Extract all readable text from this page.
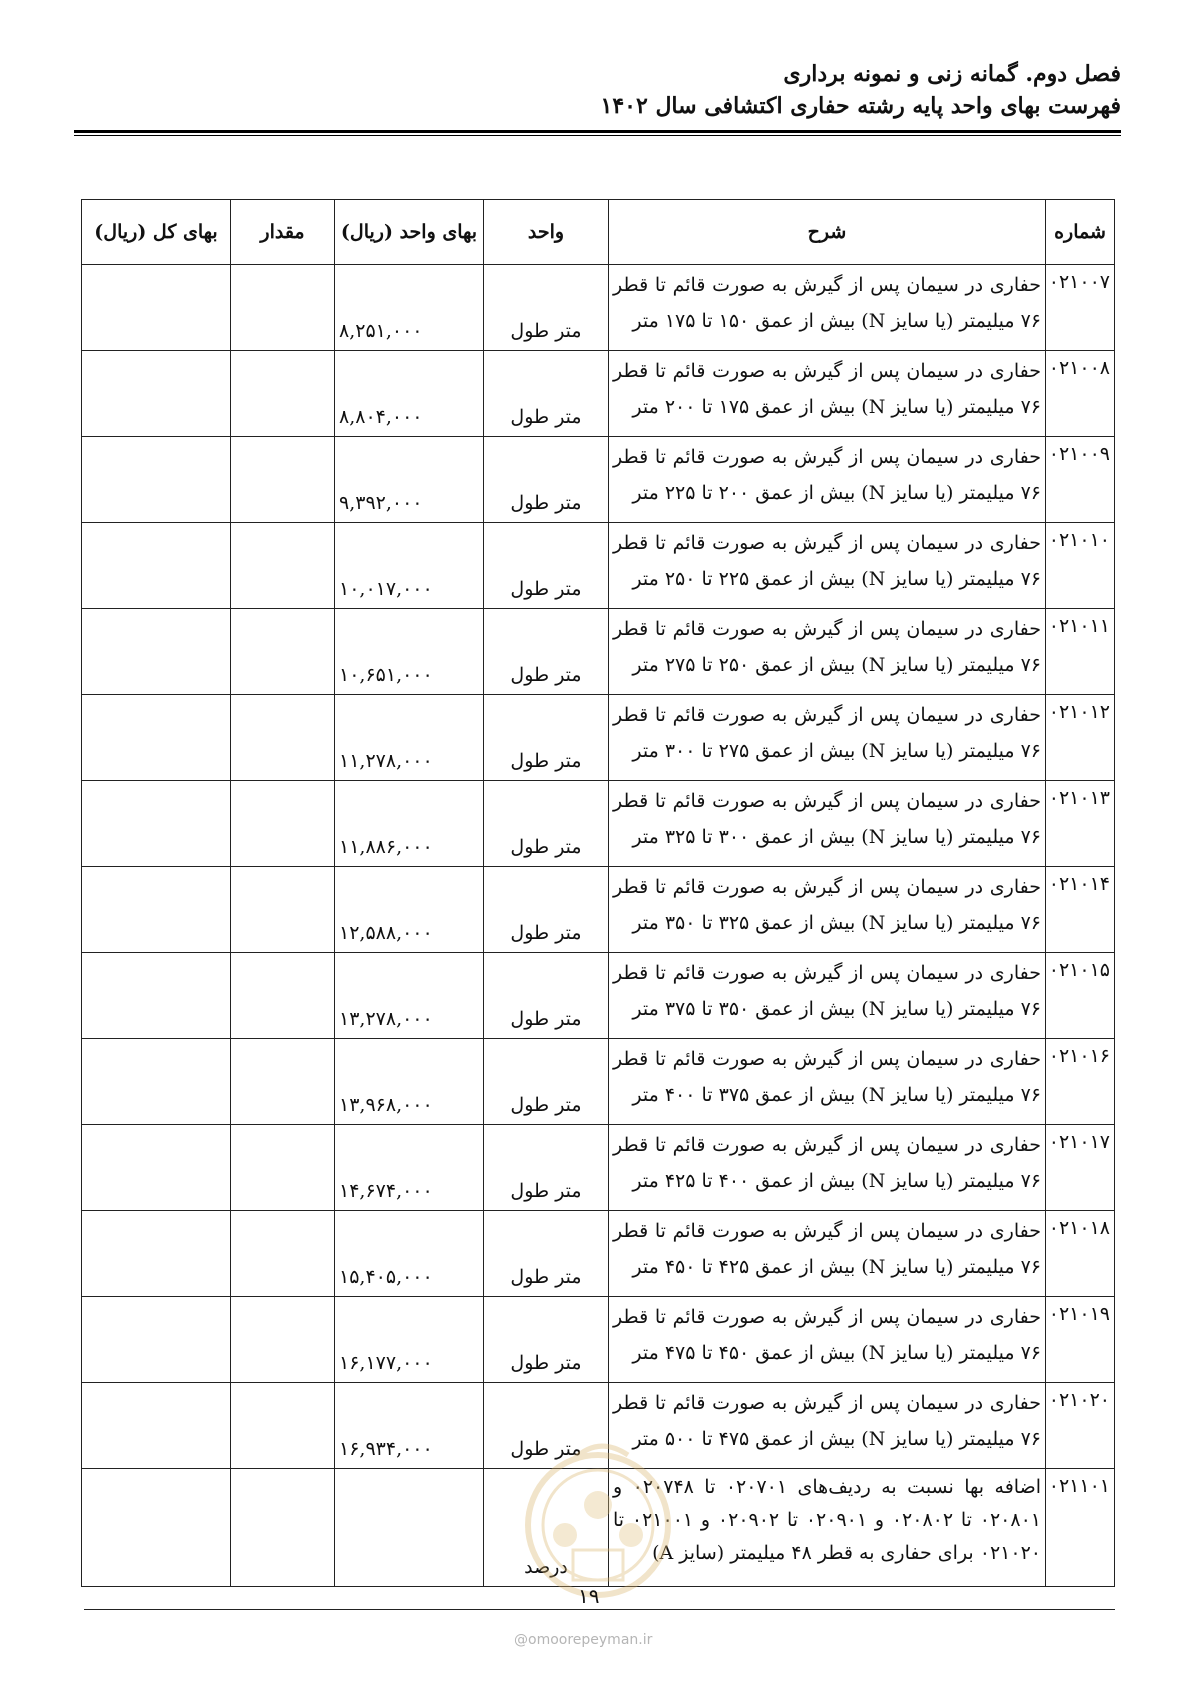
فصل دوم. گمانه زنی و نمونه برداری
فهرست بهای واحد پایه رشته حفاری اکتشافی سال ۱۴۰۲
شماره	شرح	واحد	بهای واحد (ریال)	مقدار	بهای کل (ریال)
۰۲۱۰۰۷	حفاری در سیمان پس از گیرش به صورت قائم تا قطر ۷۶ میلیمتر (یا سایز N) بیش از عمق ۱۵۰ تا ۱۷۵ متر	متر طول	۸,۲۵۱,۰۰۰		
۰۲۱۰۰۸	حفاری در سیمان پس از گیرش به صورت قائم تا قطر ۷۶ میلیمتر (یا سایز N) بیش از عمق ۱۷۵ تا ۲۰۰ متر	متر طول	۸,۸۰۴,۰۰۰		
۰۲۱۰۰۹	حفاری در سیمان پس از گیرش به صورت قائم تا قطر ۷۶ میلیمتر (یا سایز N) بیش از عمق ۲۰۰ تا ۲۲۵ متر	متر طول	۹,۳۹۲,۰۰۰		
۰۲۱۰۱۰	حفاری در سیمان پس از گیرش به صورت قائم تا قطر ۷۶ میلیمتر (یا سایز N) بیش از عمق ۲۲۵ تا ۲۵۰ متر	متر طول	۱۰,۰۱۷,۰۰۰		
۰۲۱۰۱۱	حفاری در سیمان پس از گیرش به صورت قائم تا قطر ۷۶ میلیمتر (یا سایز N) بیش از عمق ۲۵۰ تا ۲۷۵ متر	متر طول	۱۰,۶۵۱,۰۰۰		
۰۲۱۰۱۲	حفاری در سیمان پس از گیرش به صورت قائم تا قطر ۷۶ میلیمتر (یا سایز N) بیش از عمق ۲۷۵ تا ۳۰۰ متر	متر طول	۱۱,۲۷۸,۰۰۰		
۰۲۱۰۱۳	حفاری در سیمان پس از گیرش به صورت قائم تا قطر ۷۶ میلیمتر (یا سایز N) بیش از عمق ۳۰۰ تا ۳۲۵ متر	متر طول	۱۱,۸۸۶,۰۰۰		
۰۲۱۰۱۴	حفاری در سیمان پس از گیرش به صورت قائم تا قطر ۷۶ میلیمتر (یا سایز N) بیش از عمق ۳۲۵ تا ۳۵۰ متر	متر طول	۱۲,۵۸۸,۰۰۰		
۰۲۱۰۱۵	حفاری در سیمان پس از گیرش به صورت قائم تا قطر ۷۶ میلیمتر (یا سایز N) بیش از عمق ۳۵۰ تا ۳۷۵ متر	متر طول	۱۳,۲۷۸,۰۰۰		
۰۲۱۰۱۶	حفاری در سیمان پس از گیرش به صورت قائم تا قطر ۷۶ میلیمتر (یا سایز N) بیش از عمق ۳۷۵ تا ۴۰۰ متر	متر طول	۱۳,۹۶۸,۰۰۰		
۰۲۱۰۱۷	حفاری در سیمان پس از گیرش به صورت قائم تا قطر ۷۶ میلیمتر (یا سایز N) بیش از عمق ۴۰۰ تا ۴۲۵ متر	متر طول	۱۴,۶۷۴,۰۰۰		
۰۲۱۰۱۸	حفاری در سیمان پس از گیرش به صورت قائم تا قطر ۷۶ میلیمتر (یا سایز N) بیش از عمق ۴۲۵ تا ۴۵۰ متر	متر طول	۱۵,۴۰۵,۰۰۰		
۰۲۱۰۱۹	حفاری در سیمان پس از گیرش به صورت قائم تا قطر ۷۶ میلیمتر (یا سایز N) بیش از عمق ۴۵۰ تا ۴۷۵ متر	متر طول	۱۶,۱۷۷,۰۰۰		
۰۲۱۰۲۰	حفاری در سیمان پس از گیرش به صورت قائم تا قطر ۷۶ میلیمتر (یا سایز N) بیش از عمق ۴۷۵ تا ۵۰۰ متر	متر طول	۱۶,۹۳۴,۰۰۰		
۰۲۱۱۰۱	اضافه بها نسبت به ردیف‌های ۰۲۰۷۰۱ تا ۰۲۰۷۴۸ و ۰۲۰۸۰۱ تا ۰۲۰۸۰۲ و ۰۲۰۹۰۱ تا ۰۲۰۹۰۲ و ۰۲۱۰۰۱ تا ۰۲۱۰۲۰ برای حفاری به قطر ۴۸ میلیمتر (سایز A)	درصد			
۱۹
@omoorepeyman.ir
